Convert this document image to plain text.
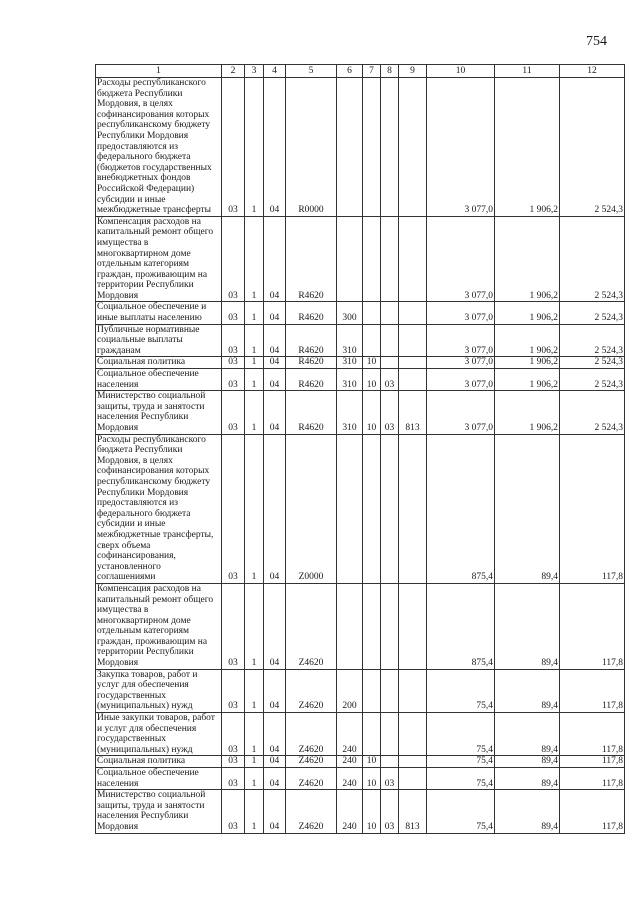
754
1	2	3	4	5	6	7	8	9	10	11	12
Расходы республиканского бюджета Республики Мордовия, в целях софинансирования которых республиканскому бюджету Республики Мордовия предоставляются из федерального бюджета (бюджетов государственных внебюджетных фондов Российской Федерации) субсидии и иные межбюджетные трансферты	03	1	04	R0000					3 077,0	1 906,2	2 524,3
Компенсация расходов на капитальный ремонт общего имущества в многоквартирном доме отдельным категориям граждан, проживающим на территории Республики Мордовия	03	1	04	R4620					3 077,0	1 906,2	2 524,3
Социальное обеспечение и иные выплаты населению	03	1	04	R4620	300				3 077,0	1 906,2	2 524,3
Публичные нормативные социальные выплаты гражданам	03	1	04	R4620	310				3 077,0	1 906,2	2 524,3
Социальная политика	03	1	04	R4620	310	10			3 077,0	1 906,2	2 524,3
Социальное обеспечение населения	03	1	04	R4620	310	10	03		3 077,0	1 906,2	2 524,3
Министерство социальной защиты, труда и занятости населения Республики Мордовия	03	1	04	R4620	310	10	03	813	3 077,0	1 906,2	2 524,3
Расходы республиканского бюджета Республики Мордовия, в целях софинансирования которых республиканскому бюджету Республики Мордовия предоставляются из федерального бюджета субсидии и иные межбюджетные трансферты, сверх объема софинансирования, установленного соглашениями	03	1	04	Z0000					875,4	89,4	117,8
Компенсация расходов на капитальный ремонт общего имущества в многоквартирном доме отдельным категориям граждан, проживающим на территории Республики Мордовия	03	1	04	Z4620					875,4	89,4	117,8
Закупка товаров, работ и услуг для обеспечения государственных (муниципальных) нужд	03	1	04	Z4620	200				75,4	89,4	117,8
Иные закупки товаров, работ и услуг для обеспечения государственных (муниципальных) нужд	03	1	04	Z4620	240				75,4	89,4	117,8
Социальная политика	03	1	04	Z4620	240	10			75,4	89,4	117,8
Социальное обеспечение населения	03	1	04	Z4620	240	10	03		75,4	89,4	117,8
Министерство социальной защиты, труда и занятости населения Республики Мордовия	03	1	04	Z4620	240	10	03	813	75,4	89,4	117,8
